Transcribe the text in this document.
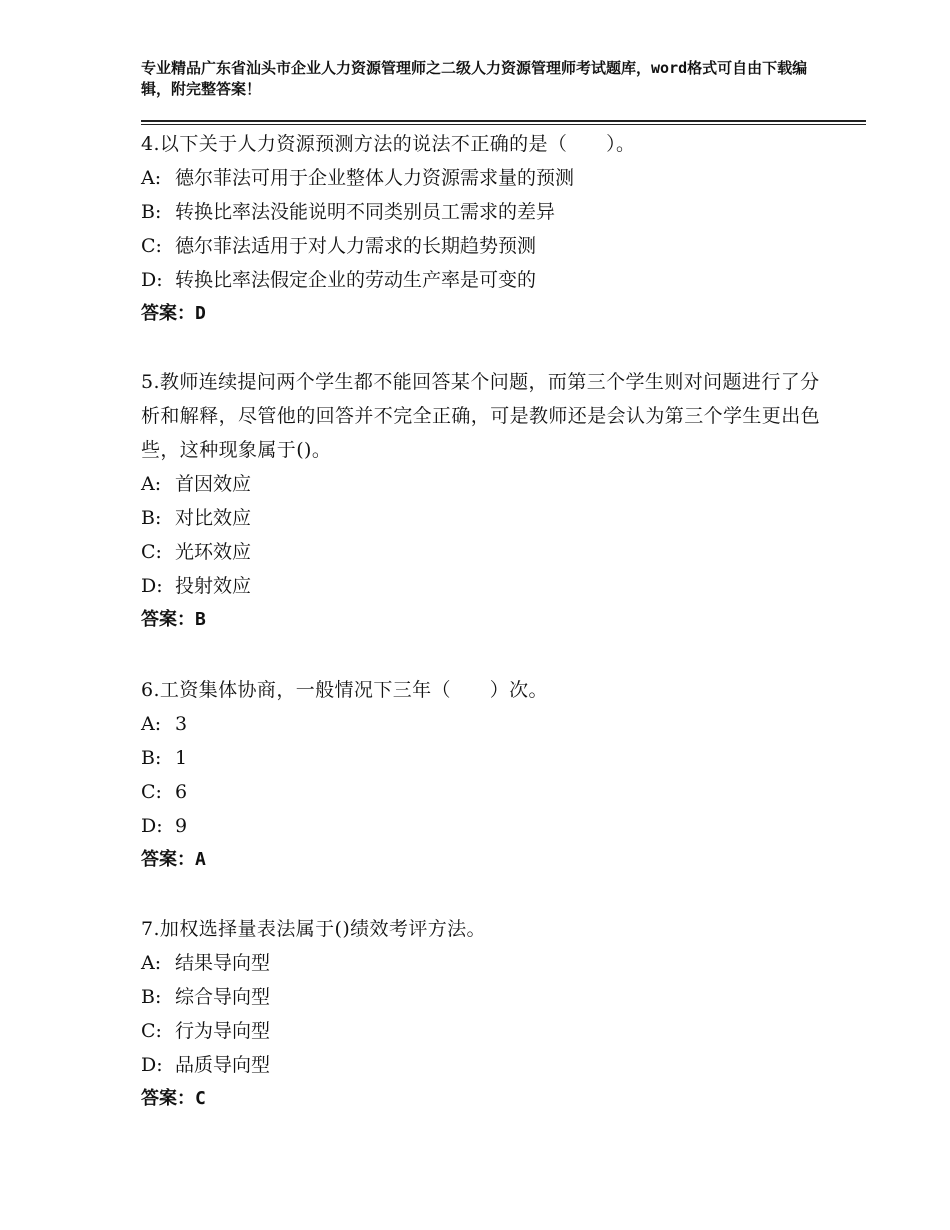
专业精品广东省汕头市企业人力资源管理师之二级人力资源管理师考试题库，word格式可自由下载编辑，附完整答案！
4.以下关于人力资源预测方法的说法不正确的是（　　）。
A: 德尔菲法可用于企业整体人力资源需求量的预测
B: 转换比率法没能说明不同类别员工需求的差异
C: 德尔菲法适用于对人力需求的长期趋势预测
D: 转换比率法假定企业的劳动生产率是可变的
答案：D
5.教师连续提问两个学生都不能回答某个问题，而第三个学生则对问题进行了分析和解释，尽管他的回答并不完全正确，可是教师还是会认为第三个学生更出色些，这种现象属于()。
A: 首因效应
B: 对比效应
C: 光环效应
D: 投射效应
答案：B
6.工资集体协商，一般情况下三年（　　）次。
A: 3
B: 1
C: 6
D: 9
答案：A
7.加权选择量表法属于()绩效考评方法。
A: 结果导向型
B: 综合导向型
C: 行为导向型
D: 品质导向型
答案：C
